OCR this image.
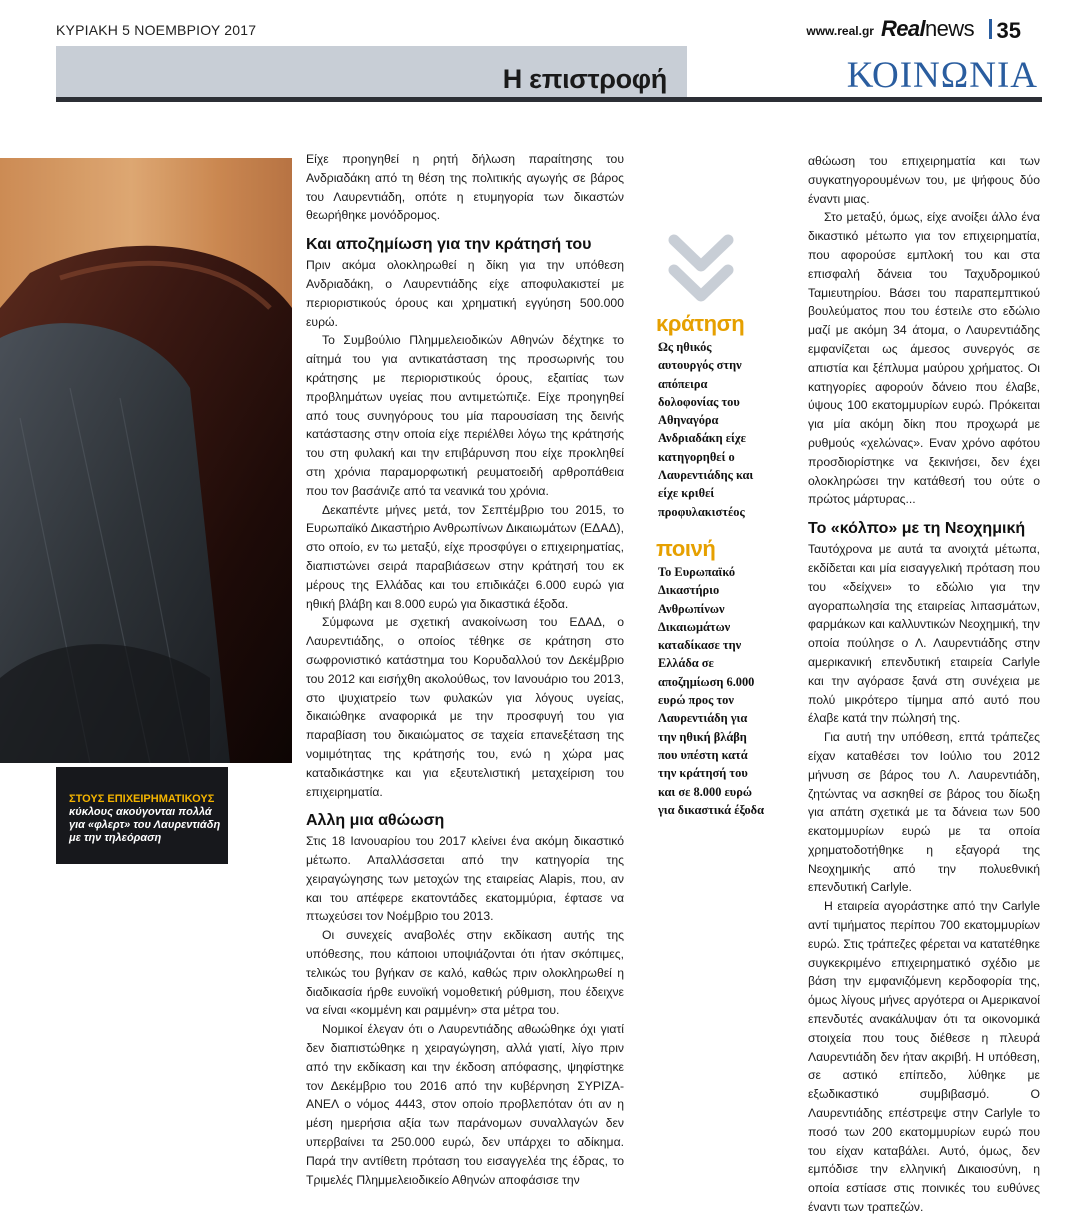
ΚΥΡΙΑΚΗ 5 ΝΟΕΜΒΡΙΟΥ 2017	www.real.gr Realnews 35
Η επιστροφή	ΚΟΙΝΩΝΙΑ
ΣΤΟΥΣ ΕΠΙΧΕΙΡΗΜΑΤΙΚΟΥΣ
κύκλους ακούγονται πολλά για «φλερτ» του Λαυρεντιάδη με την τηλεόραση

Είχε προηγηθεί η ρητή δήλωση παραίτησης του Ανδριαδάκη από τη θέση της πολιτικής αγωγής σε βάρος του Λαυρεντιάδη, οπότε η ετυμηγορία των δικαστών θεωρήθηκε μονόδρομος.

Και αποζημίωση για την κράτησή του

Πριν ακόμα ολοκληρωθεί η δίκη για την υπόθεση Ανδριαδάκη, ο Λαυρεντιάδης είχε αποφυλακιστεί με περιοριστικούς όρους και χρηματική εγγύηση 500.000 ευρώ.

Το Συμβούλιο Πλημμελειοδικών Αθηνών δέχτηκε το αίτημά του για αντικατάσταση της προσωρινής του κράτησης με περιοριστικούς όρους, εξαιτίας των προβλημάτων υγείας που αντιμετώπιζε. Είχε προηγηθεί από τους συνηγόρους του μία παρουσίαση της δεινής κατάστασης στην οποία είχε περιέλθει λόγω της κράτησής του στη φυλακή και την επιβάρυνση που είχε προκληθεί στη χρόνια παραμορφωτική ρευματοειδή αρθροπάθεια που τον βασάνιζε από τα νεανικά του χρόνια.

Δεκαπέντε μήνες μετά, τον Σεπτέμβριο του 2015, το Ευρωπαϊκό Δικαστήριο Ανθρωπίνων Δικαιωμάτων (ΕΔΑΔ), στο οποίο, εν τω μεταξύ, είχε προσφύγει ο επιχειρηματίας, διαπιστώνει σειρά παραβιάσεων στην κράτησή του εκ μέρους της Ελλάδας και του επιδικάζει 6.000 ευρώ για ηθική βλάβη και 8.000 ευρώ για δικαστικά έξοδα.

Σύμφωνα με σχετική ανακοίνωση του ΕΔΑΔ, ο Λαυρεντιάδης, ο οποίος τέθηκε σε κράτηση στο σωφρονιστικό κατάστημα του Κορυδαλλού τον Δεκέμβριο του 2012 και εισήχθη ακολούθως, τον Ιανουάριο του 2013, στο ψυχιατρείο των φυλακών για λόγους υγείας, δικαιώθηκε αναφορικά με την προσφυγή του για παραβίαση του δικαιώματος σε ταχεία επανεξέταση της νομιμότητας της κράτησής του, ενώ η χώρα μας καταδικάστηκε και για εξευτελιστική μεταχείριση του επιχειρηματία.

Αλλη μια αθώωση

Στις 18 Ιανουαρίου του 2017 κλείνει ένα ακόμη δικαστικό μέτωπο. Απαλλάσσεται από την κατηγορία της χειραγώγησης των μετοχών της εταιρείας Alapis, που, αν και του απέφερε εκατοντάδες εκατομμύρια, έφτασε να πτωχεύσει τον Νοέμβριο του 2013.

Οι συνεχείς αναβολές στην εκδίκαση αυτής της υπόθεσης, που κάποιοι υποψιάζονται ότι ήταν σκόπιμες, τελικώς του βγήκαν σε καλό, καθώς πριν ολοκληρωθεί η διαδικασία ήρθε ευνοϊκή νομοθετική ρύθμιση, που έδειχνε να είναι «κομμένη και ραμμένη» στα μέτρα του.

Νομικοί έλεγαν ότι ο Λαυρεντιάδης αθωώθηκε όχι γιατί δεν διαπιστώθηκε η χειραγώγηση, αλλά γιατί, λίγο πριν από την εκδίκαση και την έκδοση απόφασης, ψηφίστηκε τον Δεκέμβριο του 2016 από την κυβέρνηση ΣΥΡΙΖΑ-ΑΝΕΛ ο νόμος 4443, στον οποίο προβλεπόταν ότι αν η μέση ημερήσια αξία των παράνομων συναλλαγών δεν υπερβαίνει τα 250.000 ευρώ, δεν υπάρχει το αδίκημα. Παρά την αντίθετη πρόταση του εισαγγελέα της έδρας, το Τριμελές Πλημμελειοδικείο Αθηνών αποφάσισε την

κράτηση
Ως ηθικός αυτουργός στην απόπειρα δολοφονίας του Αθηναγόρα Ανδριαδάκη είχε κατηγορηθεί ο Λαυρεντιάδης και είχε κριθεί προφυλακιστέος
ποινή
Το Ευρωπαϊκό Δικαστήριο Ανθρωπίνων Δικαιωμάτων καταδίκασε την Ελλάδα σε αποζημίωση 6.000 ευρώ προς τον Λαυρεντιάδη για την ηθική βλάβη που υπέστη κατά την κράτησή του και σε 8.000 ευρώ για δικαστικά έξοδα

αθώωση του επιχειρηματία και των συγκατηγορουμένων του, με ψήφους δύο έναντι μιας.

Στο μεταξύ, όμως, είχε ανοίξει άλλο ένα δικαστικό μέτωπο για τον επιχειρηματία, που αφορούσε εμπλοκή του και στα επισφαλή δάνεια του Ταχυδρομικού Ταμιευτηρίου. Βάσει του παραπεμπτικού βουλεύματος που του έστειλε στο εδώλιο μαζί με ακόμη 34 άτομα, ο Λαυρεντιάδης εμφανίζεται ως άμεσος συνεργός σε απιστία και ξέπλυμα μαύρου χρήματος. Οι κατηγορίες αφορούν δάνειο που έλαβε, ύψους 100 εκατομμυρίων ευρώ. Πρόκειται για μία ακόμη δίκη που προχωρά με ρυθμούς «χελώνας». Εναν χρόνο αφότου προσδιορίστηκε να ξεκινήσει, δεν έχει ολοκληρώσει την κατάθεσή του ούτε ο πρώτος μάρτυρας...

Το «κόλπο» με τη Νεοχημική

Ταυτόχρονα με αυτά τα ανοιχτά μέτωπα, εκδίδεται και μία εισαγγελική πρόταση που του «δείχνει» το εδώλιο για την αγοραπωλησία της εταιρείας λιπασμάτων, φαρμάκων και καλλυντικών Νεοχημική, την οποία πούλησε ο Λ. Λαυρεντιάδης στην αμερικανική επενδυτική εταιρεία Carlyle και την αγόρασε ξανά στη συνέχεια με πολύ μικρότερο τίμημα από αυτό που έλαβε κατά την πώλησή της.

Για αυτή την υπόθεση, επτά τράπεζες είχαν καταθέσει τον Ιούλιο του 2012 μήνυση σε βάρος του Λ. Λαυρεντιάδη, ζητώντας να ασκηθεί σε βάρος του δίωξη για απάτη σχετικά με τα δάνεια των 500 εκατομμυρίων ευρώ με τα οποία χρηματοδοτήθηκε η εξαγορά της Νεοχημικής από την πολυεθνική επενδυτική Carlyle.

Η εταιρεία αγοράστηκε από την Carlyle αντί τιμήματος περίπου 700 εκατομμυρίων ευρώ. Στις τράπεζες φέρεται να κατατέθηκε συγκεκριμένο επιχειρηματικό σχέδιο με βάση την εμφανιζόμενη κερδοφορία της, όμως λίγους μήνες αργότερα οι Αμερικανοί επενδυτές ανακάλυψαν ότι τα οικονομικά στοιχεία που τους διέθεσε η πλευρά Λαυρεντιάδη δεν ήταν ακριβή. Η υπόθεση, σε αστικό επίπεδο, λύθηκε με εξωδικαστικό συμβιβασμό. Ο Λαυρεντιάδης επέστρεψε στην Carlyle το ποσό των 200 εκατομμυρίων ευρώ που του είχαν καταβάλει. Αυτό, όμως, δεν εμπόδισε την ελληνική Δικαιοσύνη, η οποία εστίασε στις ποινικές του ευθύνες έναντι των τραπεζών.
